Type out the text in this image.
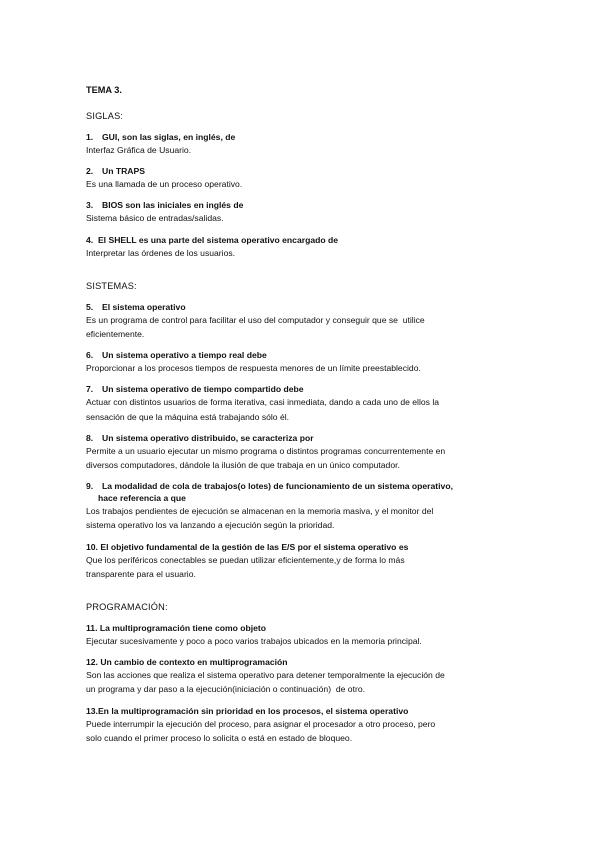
TEMA 3.

SIGLAS:

1. GUI, son las siglas, en inglés, de

Interfaz Gráfica de Usuario.

2. Un TRAPS

Es una llamada de un proceso operativo.

3. BIOS son las iniciales en inglés de

Sistema básico de entradas/salidas.

4. El SHELL es una parte del sistema operativo encargado de

Interpretar las órdenes de los usuarios.

SISTEMAS:

5. El sistema operativo

Es un programa de control para facilitar el uso del computador y conseguir que se  utilice

eficientemente.

6. Un sistema operativo a tiempo real debe

Proporcionar a los procesos tiempos de respuesta menores de un límite preestablecido.

7. Un sistema operativo de tiempo compartido debe

Actuar con distintos usuarios de forma iterativa, casi inmediata, dando a cada uno de ellos la

sensación de que la máquina está trabajando sólo él.

8. Un sistema operativo distribuido, se caracteriza por

Permite a un usuario ejecutar un mismo programa o distintos programas concurrentemente en

diversos computadores, dándole la ilusión de que trabaja en un único computador.

9. La modalidad de cola de trabajos(o lotes) de funcionamiento de un sistema operativo,

hace referencia a que

Los trabajos pendientes de ejecución se almacenan en la memoria masiva, y el monitor del

sistema operativo los va lanzando a ejecución según la prioridad.

10. El objetivo fundamental de la gestión de las E/S por el sistema operativo es

Que los periféricos conectables se puedan utilizar eficientemente,y de forma lo más

transparente para el usuario.

PROGRAMACIÓN:

11. La multiprogramación tiene como objeto

Ejecutar sucesivamente y poco a poco varios trabajos ubicados en la memoria principal.

12. Un cambio de contexto en multiprogramación

Son las acciones que realiza el sistema operativo para detener temporalmente la ejecución de

un programa y dar paso a la ejecución(iniciación o continuación)  de otro.

13.En la multiprogramación sin prioridad en los procesos, el sistema operativo

Puede interrumpir la ejecución del proceso, para asignar el procesador a otro proceso, pero

solo cuando el primer proceso lo solicita o está en estado de bloqueo.
